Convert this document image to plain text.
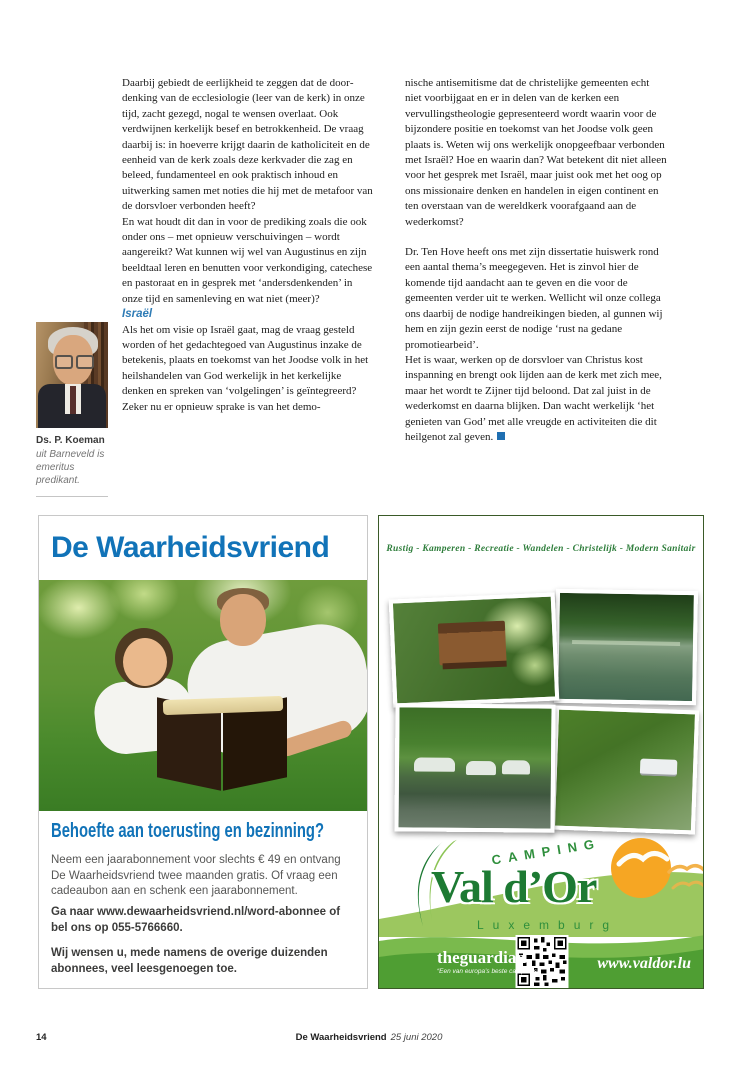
Daarbij gebiedt de eerlijkheid te zeggen dat de doordenking van de ecclesiologie (leer van de kerk) in onze tijd, zacht gezegd, nogal te wensen overlaat. Ook verdwijnen kerkelijk besef en betrokkenheid. De vraag daarbij is: in hoeverre krijgt daarin de katholiciteit en de eenheid van de kerk zoals deze kerkvader die zag en beleed, fundamenteel en ook praktisch inhoud en uitwerking samen met noties die hij met de metafoor van de dorsvloer verbonden heeft?

En wat houdt dit dan in voor de prediking zoals die ook onder ons – met opnieuw verschuivingen – wordt aangereikt? Wat kunnen wij wel van Augustinus en zijn beeldtaal leren en benutten voor verkondiging, catechese en pastoraat en in gesprek met ‘andersdenkenden’ in onze tijd en samenleving en wat niet (meer)?

Israël

Als het om visie op Israël gaat, mag de vraag gesteld worden of het gedachtegoed van Augustinus inzake de betekenis, plaats en toekomst van het Joodse volk in het heilshandelen van God werkelijk in het kerkelijke denken en spreken van ‘volgelingen’ is geïntegreerd? Zeker nu er opnieuw sprake is van het demo-

nische antisemitisme dat de christelijke gemeenten echt niet voorbijgaat en er in delen van de kerken een vervullingstheologie gepresenteerd wordt waarin voor de bijzondere positie en toekomst van het Joodse volk geen plaats is. Weten wij ons werkelijk onopgeefbaar verbonden met Israël? Hoe en waarin dan? Wat betekent dit niet alleen voor het gesprek met Israël, maar juist ook met het oog op ons missionaire denken en handelen in eigen continent en ten overstaan van de wereldkerk voorafgaand aan de wederkomst?

Dr. Ten Hove heeft ons met zijn dissertatie huiswerk rond een aantal thema’s meegegeven. Het is zinvol hier de komende tijd aandacht aan te geven en die voor de gemeenten verder uit te werken. Wellicht wil onze collega ons daarbij de nodige handreikingen bieden, al gunnen wij hem en zijn gezin eerst de nodige ‘rust na gedane promotiearbeid’.

Het is waar, werken op de dorsvloer van Christus kost inspanning en brengt ook lijden aan de kerk met zich mee, maar het wordt te Zijner tijd beloond. Dat zal juist in de wederkomst en daarna blijken. Dan wacht werkelijk ‘het genieten van God’ met alle vreugde en activiteiten die dit heilgenot zal geven.

Ds. P. Koeman
uit Barneveld is emeritus predikant.
De Waarheidsvriend
Behoefte aan toerusting en bezinning?
Neem een jaarabonnement voor slechts € 49 en ontvang De Waarheidsvriend twee maanden gratis. Of vraag een cadeaubon aan en schenk een jaarabonnement.
Ga naar www.dewaarheidsvriend.nl/word-abonnee of bel ons op 055-5766660.
Wij wensen u, mede namens de overige duizenden abonnees, veel leesgenoegen toe.
Rustig - Kamperen - Recreatie - Wandelen - Christelijk - Modern Sanitair
CAMPING
Val d’Or
Luxemburg
theguardian
“Een van europa’s beste campings”	www.valdor.lu
14	De Waarheidsvriend 25 juni 2020
